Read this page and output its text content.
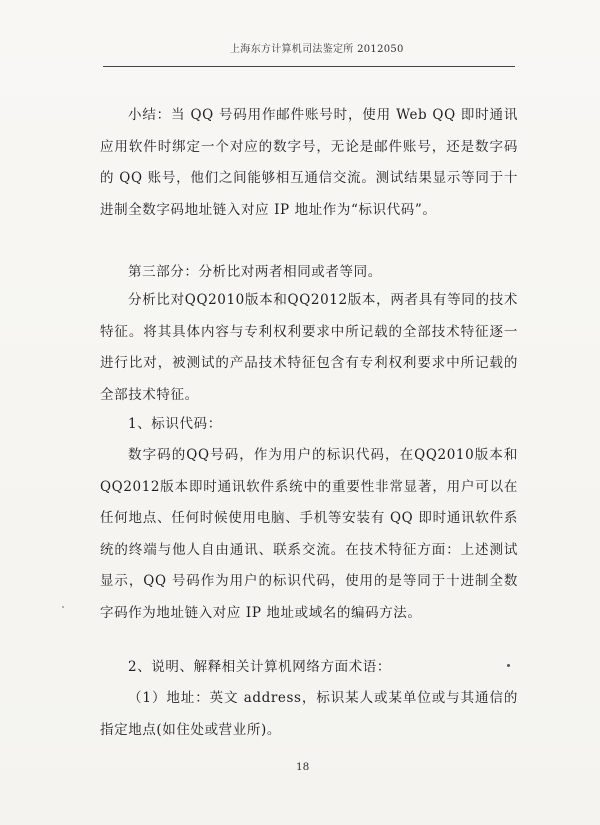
上海东方计算机司法鉴定所 2012050
小结：当 QQ 号码用作邮件账号时，使用 Web QQ 即时通讯应用软件时绑定一个对应的数字号，无论是邮件账号，还是数字码的 QQ 账号，他们之间能够相互通信交流。测试结果显示等同于十进制全数字码地址链入对应 IP 地址作为“标识代码”。
第三部分：分析比对两者相同或者等同。
分析比对QQ2010版本和QQ2012版本，两者具有等同的技术特征。将其具体内容与专利权利要求中所记载的全部技术特征逐一进行比对，被测试的产品技术特征包含有专利权利要求中所记载的全部技术特征。
1、标识代码：
数字码的QQ号码，作为用户的标识代码，在QQ2010版本和QQ2012版本即时通讯软件系统中的重要性非常显著，用户可以在任何地点、任何时候使用电脑、手机等安装有 QQ 即时通讯软件系统的终端与他人自由通讯、联系交流。在技术特征方面：上述测试显示，QQ 号码作为用户的标识代码，使用的是等同于十进制全数字码作为地址链入对应 IP 地址或域名的编码方法。
2、说明、解释相关计算机网络方面术语：
（1）地址：英文 address，标识某人或某单位或与其通信的指定地点(如住处或营业所)。
18
